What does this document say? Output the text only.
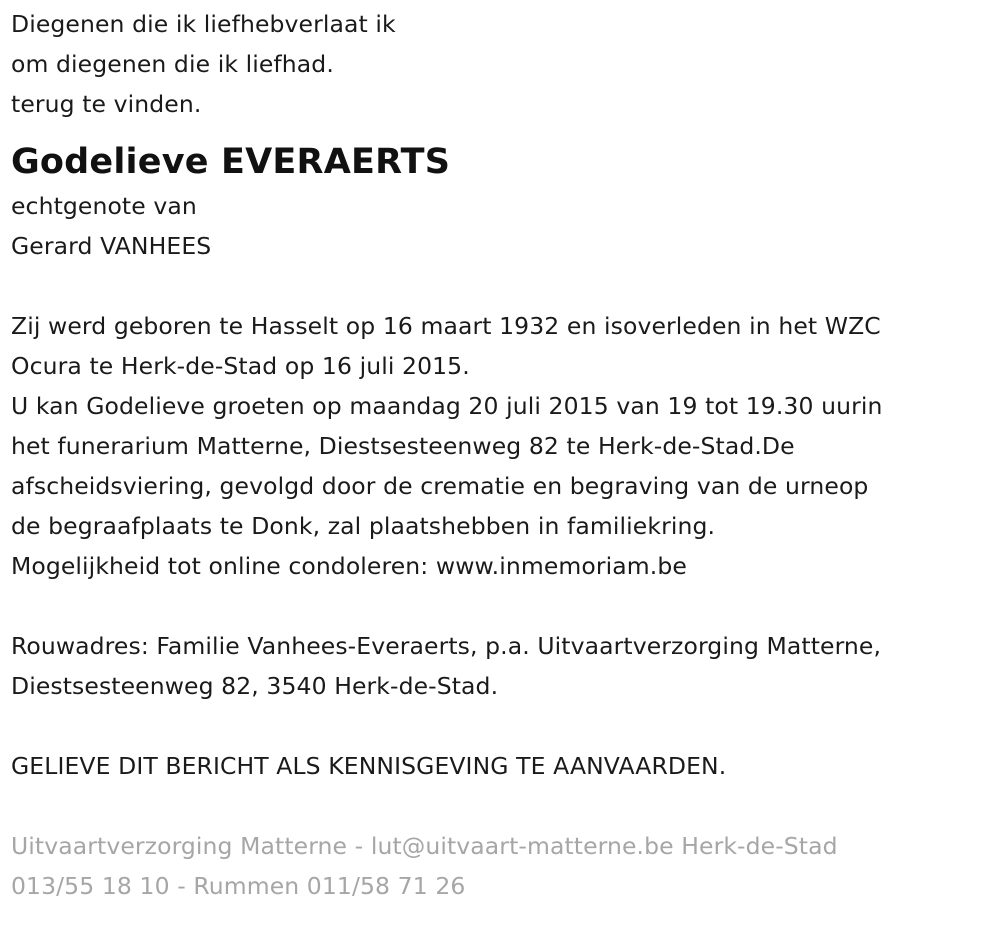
Diegenen die ik liefhebverlaat ik
om diegenen die ik liefhad.
terug te vinden.
Godelieve EVERAERTS
echtgenote van
Gerard VANHEES
Zij werd geboren te Hasselt op 16 maart 1932 en isoverleden in het WZC
Ocura te Herk-de-Stad op 16 juli 2015.
U kan Godelieve groeten op maandag 20 juli 2015 van 19 tot 19.30 uurin
het funerarium Matterne, Diestsesteenweg 82 te Herk-de-Stad.De
afscheidsviering, gevolgd door de crematie en begraving van de urneop
de begraafplaats te Donk, zal plaatshebben in familiekring.
Mogelijkheid tot online condoleren: www.inmemoriam.be
Rouwadres: Familie Vanhees-Everaerts, p.a. Uitvaartverzorging Matterne,
Diestsesteenweg 82, 3540 Herk-de-Stad.
GELIEVE DIT BERICHT ALS KENNISGEVING TE AANVAARDEN.
Uitvaartverzorging Matterne - lut@uitvaart-matterne.be Herk-de-Stad
013/55 18 10 - Rummen 011/58 71 26
